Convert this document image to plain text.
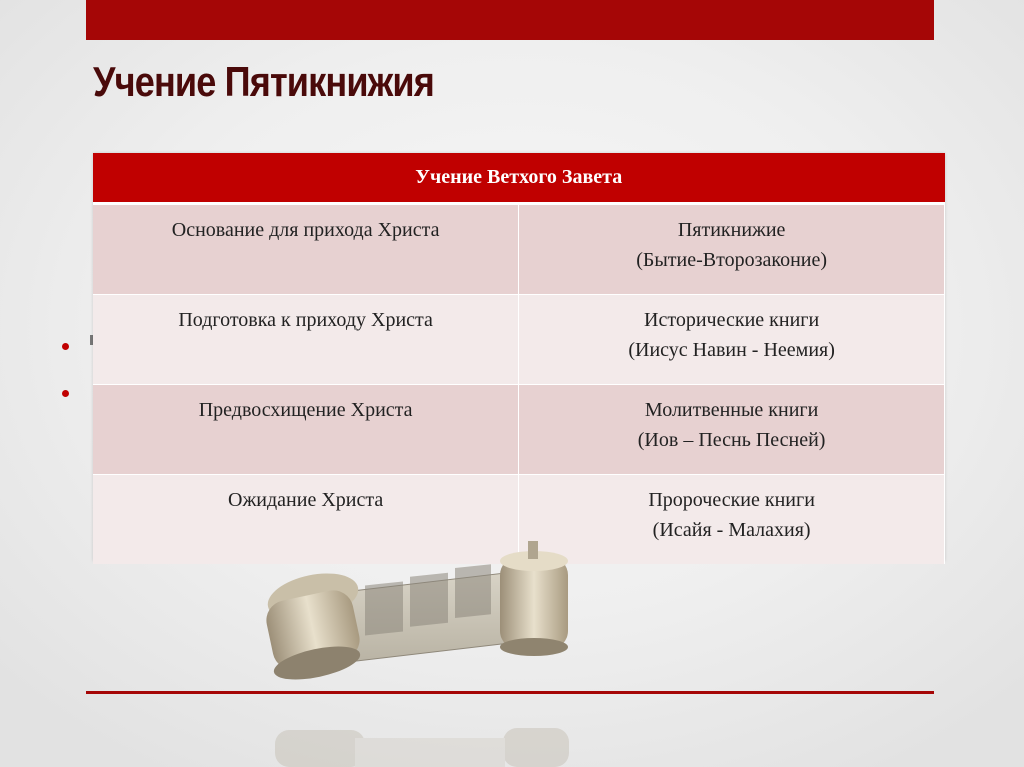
Учение Пятикнижия
Учение Ветхого Завета	
Основание для прихода Христа	Пятикнижие
(Бытие-Второзаконие)

Подготовка к приходу Христа	Исторические книги
(Иисус Навин - Неемия)

Предвосхищение Христа	Молитвенные книги
(Иов – Песнь Песней)

Ожидание Христа	Пророческие книги
(Исайя - Малахия)
